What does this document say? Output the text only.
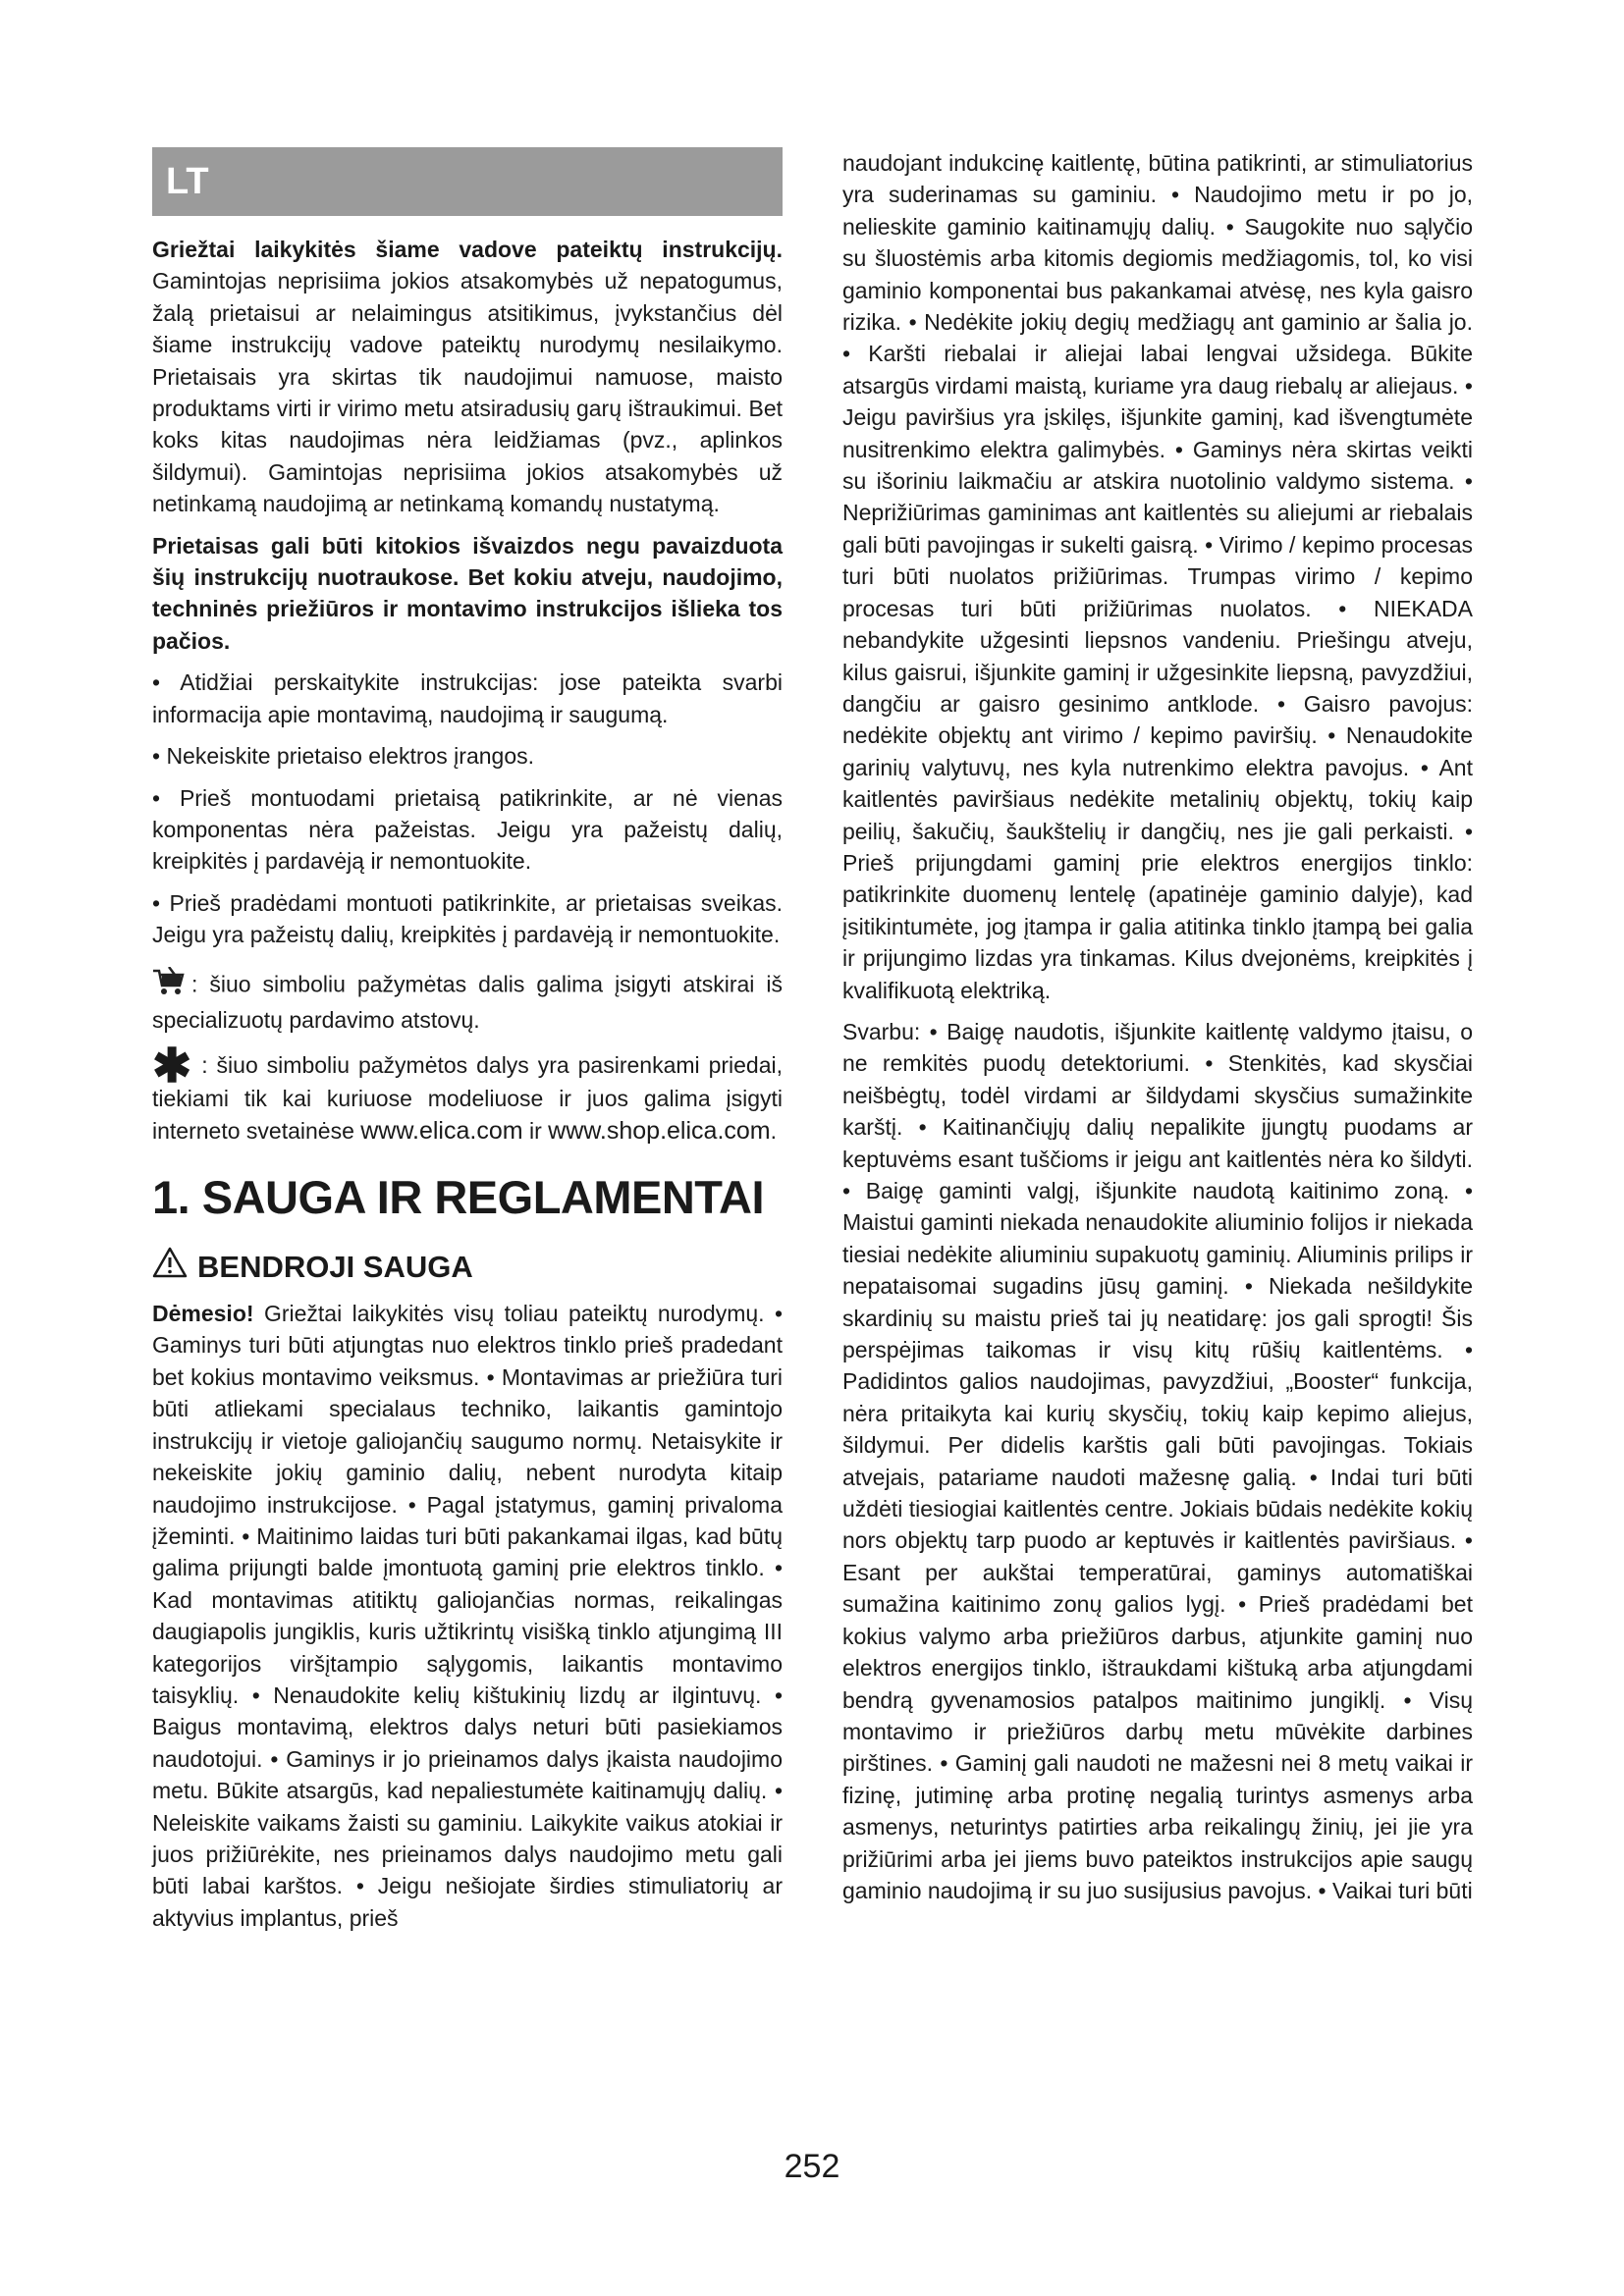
LT

Griežtai laikykitės šiame vadove pateiktų instrukcijų. Gamintojas neprisiima jokios atsakomybės už nepatogumus, žalą prietaisui ar nelaimingus atsitikimus, įvykstančius dėl šiame instrukcijų vadove pateiktų nurodymų nesilaikymo. Prietaisais yra skirtas tik naudojimui namuose, maisto produktams virti ir virimo metu atsiradusių garų ištraukimui. Bet koks kitas naudojimas nėra leidžiamas (pvz., aplinkos šildymui). Gamintojas neprisiima jokios atsakomybės už netinkamą naudojimą ar netinkamą komandų nustatymą.

Prietaisas gali būti kitokios išvaizdos negu pavaizduota šių instrukcijų nuotraukose. Bet kokiu atveju, naudojimo, techninės priežiūros ir montavimo instrukcijos išlieka tos pačios.

• Atidžiai perskaitykite instrukcijas: jose pateikta svarbi informacija apie montavimą, naudojimą ir saugumą.

• Nekeiskite prietaiso elektros įrangos.

• Prieš montuodami prietaisą patikrinkite, ar nė vienas komponentas nėra pažeistas. Jeigu yra pažeistų dalių, kreipkitės į pardavėją ir nemontuokite.

• Prieš pradėdami montuoti patikrinkite, ar prietaisas sveikas. Jeigu yra pažeistų dalių, kreipkitės į pardavėją ir nemontuokite.

: šiuo simboliu pažymėtas dalis galima įsigyti atskirai iš specializuotų pardavimo atstovų.

✱ : šiuo simboliu pažymėtos dalys yra pasirenkami priedai, tiekiami tik kai kuriuose modeliuose ir juos galima įsigyti interneto svetainėse www.elica.com ir www.shop.elica.com.

1. SAUGA IR REGLAMENTAI
BENDROJI SAUGA

Dėmesio! Griežtai laikykitės visų toliau pateiktų nurodymų. • Gaminys turi būti atjungtas nuo elektros tinklo prieš pradedant bet kokius montavimo veiksmus. • Montavimas ar priežiūra turi būti atliekami specialaus techniko, laikantis gamintojo instrukcijų ir vietoje galiojančių saugumo normų. Netaisykite ir nekeiskite jokių gaminio dalių, nebent nurodyta kitaip naudojimo instrukcijose. • Pagal įstatymus, gaminį privaloma įžeminti. • Maitinimo laidas turi būti pakankamai ilgas, kad būtų galima prijungti balde įmontuotą gaminį prie elektros tinklo. • Kad montavimas atitiktų galiojančias normas, reikalingas daugiapolis jungiklis, kuris užtikrintų visišką tinklo atjungimą III kategorijos viršįtampio sąlygomis, laikantis montavimo taisyklių. • Nenaudokite kelių kištukinių lizdų ar ilgintuvų. • Baigus montavimą, elektros dalys neturi būti pasiekiamos naudotojui. • Gaminys ir jo prieinamos dalys įkaista naudojimo metu. Būkite atsargūs, kad nepaliestumėte kaitinamųjų dalių. • Neleiskite vaikams žaisti su gaminiu. Laikykite vaikus atokiai ir juos prižiūrėkite, nes prieinamos dalys naudojimo metu gali būti labai karštos. • Jeigu nešiojate širdies stimuliatorių ar aktyvius implantus, prieš

naudojant indukcinę kaitlentę, būtina patikrinti, ar stimuliatorius yra suderinamas su gaminiu. • Naudojimo metu ir po jo, nelieskite gaminio kaitinamųjų dalių. • Saugokite nuo sąlyčio su šluostėmis arba kitomis degiomis medžiagomis, tol, ko visi gaminio komponentai bus pakankamai atvėsę, nes kyla gaisro rizika. • Nedėkite jokių degių medžiagų ant gaminio ar šalia jo. • Karšti riebalai ir aliejai labai lengvai užsidega. Būkite atsargūs virdami maistą, kuriame yra daug riebalų ar aliejaus. • Jeigu paviršius yra įskilęs, išjunkite gaminį, kad išvengtumėte nusitrenkimo elektra galimybės. • Gaminys nėra skirtas veikti su išoriniu laikmačiu ar atskira nuotolinio valdymo sistema. • Neprižiūrimas gaminimas ant kaitlentės su aliejumi ar riebalais gali būti pavojingas ir sukelti gaisrą. • Virimo / kepimo procesas turi būti nuolatos prižiūrimas. Trumpas virimo / kepimo procesas turi būti prižiūrimas nuolatos. • NIEKADA nebandykite užgesinti liepsnos vandeniu. Priešingu atveju, kilus gaisrui, išjunkite gaminį ir užgesinkite liepsną, pavyzdžiui, dangčiu ar gaisro gesinimo antklode. • Gaisro pavojus: nedėkite objektų ant virimo / kepimo paviršių. • Nenaudokite garinių valytuvų, nes kyla nutrenkimo elektra pavojus. • Ant kaitlentės paviršiaus nedėkite metalinių objektų, tokių kaip peilių, šakučių, šaukštelių ir dangčių, nes jie gali perkaisti. • Prieš prijungdami gaminį prie elektros energijos tinklo: patikrinkite duomenų lentelę (apatinėje gaminio dalyje), kad įsitikintumėte, jog įtampa ir galia atitinka tinklo įtampą bei galia ir prijungimo lizdas yra tinkamas. Kilus dvejonėms, kreipkitės į kvalifikuotą elektriką.

Svarbu: • Baigę naudotis, išjunkite kaitlentę valdymo įtaisu, o ne remkitės puodų detektoriumi. • Stenkitės, kad skysčiai neišbėgtų, todėl virdami ar šildydami skysčius sumažinkite karštį. • Kaitinančiųjų dalių nepalikite įjungtų puodams ar keptuvėms esant tuščioms ir jeigu ant kaitlentės nėra ko šildyti. • Baigę gaminti valgį, išjunkite naudotą kaitinimo zoną. • Maistui gaminti niekada nenaudokite aliuminio folijos ir niekada tiesiai nedėkite aliuminiu supakuotų gaminių. Aliuminis prilips ir nepataisomai sugadins jūsų gaminį. • Niekada nešildykite skardinių su maistu prieš tai jų neatidarę: jos gali sprogti! Šis perspėjimas taikomas ir visų kitų rūšių kaitlentėms. • Padidintos galios naudojimas, pavyzdžiui, „Booster“ funkcija, nėra pritaikyta kai kurių skysčių, tokių kaip kepimo aliejus, šildymui. Per didelis karštis gali būti pavojingas. Tokiais atvejais, patariame naudoti mažesnę galią. • Indai turi būti uždėti tiesiogiai kaitlentės centre. Jokiais būdais nedėkite kokių nors objektų tarp puodo ar keptuvės ir kaitlentės paviršiaus. • Esant per aukštai temperatūrai, gaminys automatiškai sumažina kaitinimo zonų galios lygį. • Prieš pradėdami bet kokius valymo arba priežiūros darbus, atjunkite gaminį nuo elektros energijos tinklo, ištraukdami kištuką arba atjungdami bendrą gyvenamosios patalpos maitinimo jungiklį. • Visų montavimo ir priežiūros darbų metu mūvėkite darbines pirštines. • Gaminį gali naudoti ne mažesni nei 8 metų vaikai ir fizinę, jutiminę arba protinę negalią turintys asmenys arba asmenys, neturintys patirties arba reikalingų žinių, jei jie yra prižiūrimi arba jei jiems buvo pateiktos instrukcijos apie saugų gaminio naudojimą ir su juo susijusius pavojus. • Vaikai turi būti

252
